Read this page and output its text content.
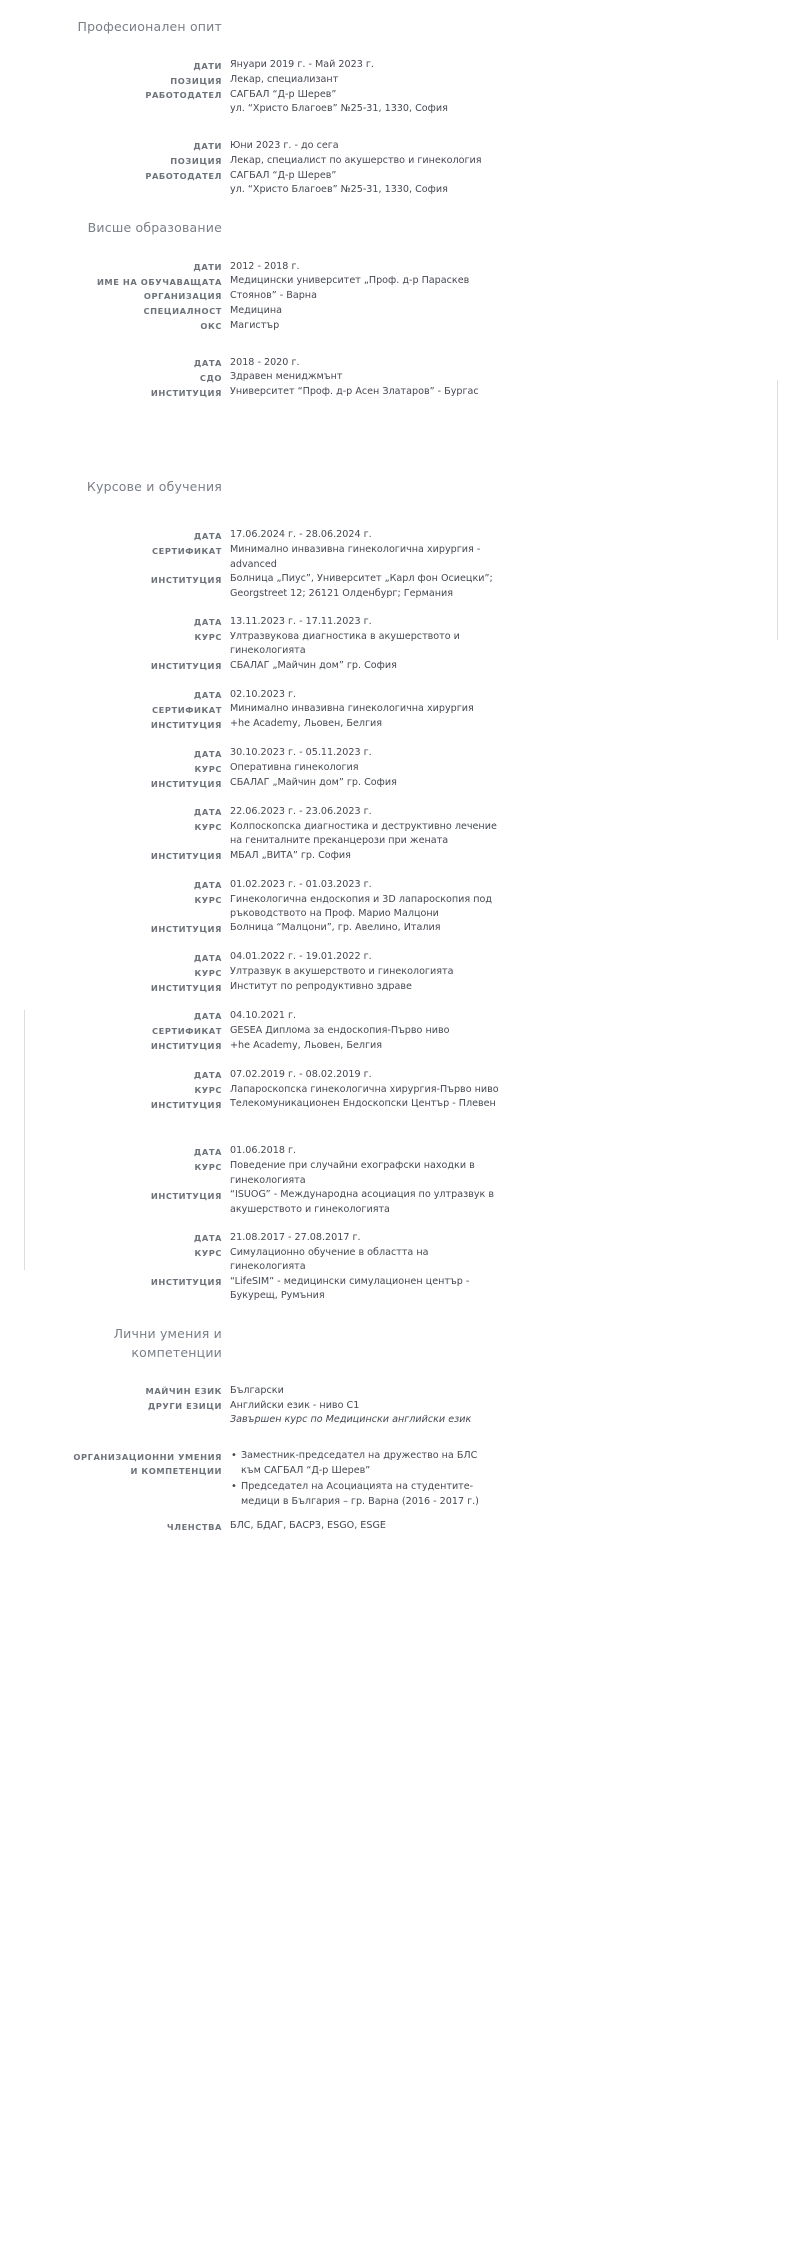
Професионален опит
ДАТИ Януари 2019 г. - Май 2023 г.
ПОЗИЦИЯ Лекар, специализант
РАБОТОДАТЕЛ САГБАЛ “Д-р Шерев”
ул. “Христо Благоев” №25-31, 1330, София
ДАТИ Юни 2023 г. - до сега
ПОЗИЦИЯ Лекар, специалист по акушерство и гинекология
РАБОТОДАТЕЛ САГБАЛ “Д-р Шерев”
ул. “Христо Благоев” №25-31, 1330, София
Висше образование
ДАТИ 2012 - 2018 г.
ИМЕ НА ОБУЧАВАЩАТА
ОРГАНИЗАЦИЯ
Медицински университет „Проф. д-р Параскев
Стоянов” - Варна
СПЕЦИАЛНОСТ Медицина
ОКС Магистър
ДАТА 2018 - 2020 г.
СДО Здравен мениджмънт
ИНСТИТУЦИЯ Университет “Проф. д-р Асен Златаров” - Бургас
Курсове и обучения
ДАТА 17.06.2024 г. - 28.06.2024 г.
СЕРТИФИКАТ Минимално инвазивна гинекологична хирургия -
advanced
ИНСТИТУЦИЯ Болница „Пиус”, Университет „Карл фон Осиецки”;
Georgstreet 12; 26121 Олденбург; Германия
ДАТА 13.11.2023 г. - 17.11.2023 г.
КУРС Ултразвукова диагностика в акушерството и
гинекологията
ИНСТИТУЦИЯ СБАЛАГ „Майчин дом” гр. София
ДАТА 02.10.2023 г.
СЕРТИФИКАТ Минимално инвазивна гинекологична хирургия
ИНСТИТУЦИЯ +he Academy, Льовен, Белгия
ДАТА 30.10.2023 г. - 05.11.2023 г.
КУРС Оперативна гинекология
ИНСТИТУЦИЯ СБАЛАГ „Майчин дом” гр. София
ДАТА 22.06.2023 г. - 23.06.2023 г.
КУРС Колпоскопска диагностика и деструктивно лечение
на гениталните преканцерози при жената
ИНСТИТУЦИЯ МБАЛ „ВИТА” гр. София
ДАТА 01.02.2023 г. - 01.03.2023 г.
КУРС Гинекологична ендоскопия и 3D лапароскопия под
ръководството на Проф. Марио Малцони
ИНСТИТУЦИЯ Болница “Малцони”, гр. Авелино, Италия
ДАТА 04.01.2022 г. - 19.01.2022 г.
КУРС Ултразвук в акушерството и гинекологията
ИНСТИТУЦИЯ Институт по репродуктивно здраве
ДАТА 04.10.2021 г.
СЕРТИФИКАТ GESEA Диплома за ендоскопия-Първо ниво
ИНСТИТУЦИЯ +he Academy, Льовен, Белгия
ДАТА 07.02.2019 г. - 08.02.2019 г.
КУРС Лапароскопска гинекологична хирургия-Първо ниво
ИНСТИТУЦИЯ Телекомуникационен Ендоскопски Център - Плевен
ДАТА 01.06.2018 г.
КУРС Поведение при случайни ехографски находки в
гинекологията
ИНСТИТУЦИЯ “ISUOG” - Международна асоциация по ултразвук в
акушерството и гинекологията
ДАТА 21.08.2017 - 27.08.2017 г.
КУРС Симулационно обучение в областта на
гинекологията
ИНСТИТУЦИЯ “LifeSIM” - медицински симулационен център -
Букурещ, Румъния
Лични умения и
компетенции
МАЙЧИН ЕЗИК Български
ДРУГИ ЕЗИЦИ Английски език - ниво С1
Завършен курс по Медицински английски език
ОРГАНИЗАЦИОННИ УМЕНИЯ
И КОМПЕТЕНЦИИ
• Заместник-председател на дружество на БЛС
към САГБАЛ “Д-р Шерев”
• Председател на Асоциацията на студентите-
медици в България – гр. Варна (2016 - 2017 г.)
ЧЛЕНСТВА БЛС, БДАГ, БАСРЗ, ESGO, ESGE
